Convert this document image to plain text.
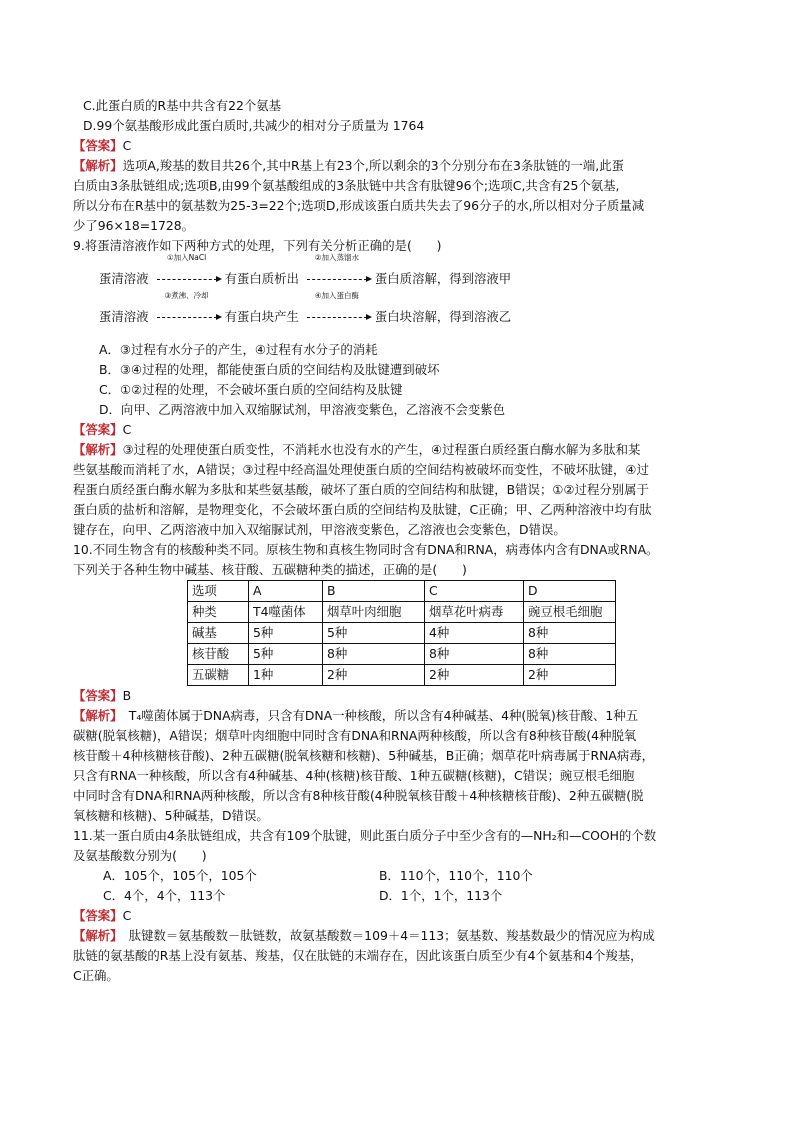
C.此蛋白质的R基中共含有22个氨基
D.99个氨基酸形成此蛋白质时,共减少的相对分子质量为 1764
【答案】C
【解析】选项A,羧基的数目共26个,其中R基上有23个,所以剩余的3个分别分布在3条肽链的一端,此蛋
白质由3条肽链组成;选项B,由99个氨基酸组成的3条肽链中共含有肽键96个;选项C,共含有25个氨基,
所以分布在R基中的氨基数为25-3=22个;选项D,形成该蛋白质共失去了96分子的水,所以相对分子质量减
少了96×18=1728。
9.将蛋清溶液作如下两种方式的处理，下列有关分析正确的是(　　)
蛋清溶液
①加入NaCl
有蛋白质析出
②加入蒸馏水
蛋白质溶解，得到溶液甲
蛋清溶液
③煮沸、冷却
有蛋白块产生
④加入蛋白酶
蛋白块溶解，得到溶液乙
A．③过程有水分子的产生，④过程有水分子的消耗
B．③④过程的处理，都能使蛋白质的空间结构及肽键遭到破坏
C．①②过程的处理，不会破坏蛋白质的空间结构及肽键
D．向甲、乙两溶液中加入双缩脲试剂，甲溶液变紫色，乙溶液不会变紫色
【答案】C
【解析】③过程的处理使蛋白质变性，不消耗水也没有水的产生，④过程蛋白质经蛋白酶水解为多肽和某
些氨基酸而消耗了水，A错误；③过程中经高温处理使蛋白质的空间结构被破坏而变性，不破坏肽键，④过
程蛋白质经蛋白酶水解为多肽和某些氨基酸，破坏了蛋白质的空间结构和肽键，B错误；①②过程分别属于
蛋白质的盐析和溶解，是物理变化，不会破坏蛋白质的空间结构及肽键，C正确；甲、乙两种溶液中均有肽
键存在，向甲、乙两溶液中加入双缩脲试剂，甲溶液变紫色，乙溶液也会变紫色，D错误。
10.不同生物含有的核酸种类不同。原核生物和真核生物同时含有DNA和RNA，病毒体内含有DNA或RNA。
下列关于各种生物中碱基、核苷酸、五碳糖种类的描述，正确的是(　　)
选项	A	B	C	D
种类	T4噬菌体	烟草叶肉细胞	烟草花叶病毒	豌豆根毛细胞
碱基	5种	5种	4种	8种
核苷酸	5种	8种	8种	8种
五碳糖	1种	2种	2种	2种
【答案】B
【解析】　T₄噬菌体属于DNA病毒，只含有DNA一种核酸，所以含有4种碱基、4种(脱氧)核苷酸、1种五
碳糖(脱氧核糖)，A错误；烟草叶肉细胞中同时含有DNA和RNA两种核酸，所以含有8种核苷酸(4种脱氧
核苷酸＋4种核糖核苷酸)、2种五碳糖(脱氧核糖和核糖)、5种碱基，B正确；烟草花叶病毒属于RNA病毒，
只含有RNA一种核酸，所以含有4种碱基、4种(核糖)核苷酸、1种五碳糖(核糖)，C错误；豌豆根毛细胞
中同时含有DNA和RNA两种核酸，所以含有8种核苷酸(4种脱氧核苷酸＋4种核糖核苷酸)、2种五碳糖(脱
氧核糖和核糖)、5种碱基，D错误。
11.某一蛋白质由4条肽链组成，共含有109个肽键，则此蛋白质分子中至少含有的—NH₂和—COOH的个数
及氨基酸数分别为(　　)
A．105个，105个，105个	B．110个，110个，110个
C．4个，4个，113个	D．1个，1个，113个
【答案】C
【解析】　肽键数＝氨基酸数－肽链数，故氨基酸数＝109＋4＝113；氨基数、羧基数最少的情况应为构成
肽链的氨基酸的R基上没有氨基、羧基，仅在肽链的末端存在，因此该蛋白质至少有4个氨基和4个羧基，
C正确。
